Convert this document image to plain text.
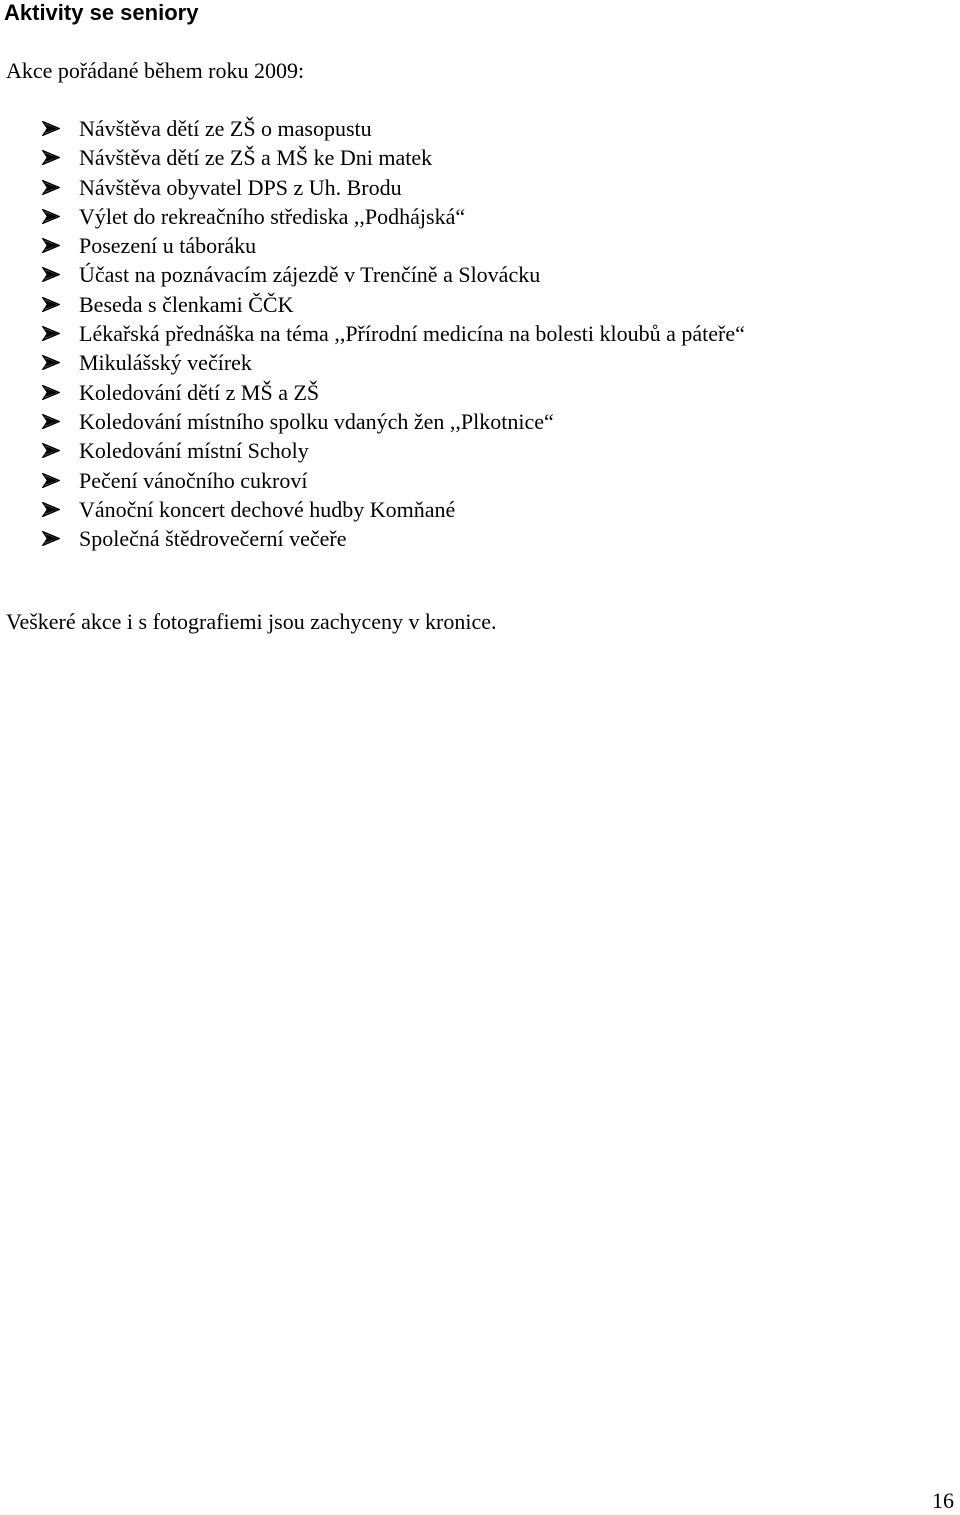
Aktivity se seniory
Akce pořádané během roku 2009:
Návštěva dětí ze ZŠ o masopustu
Návštěva dětí ze ZŠ a MŠ ke Dni matek
Návštěva obyvatel DPS z Uh. Brodu
Výlet do rekreačního střediska ,,Podhájská“
Posezení u táboráku
Účast na poznávacím zájezdě v Trenčíně a Slovácku
Beseda s členkami ČČK
Lékařská přednáška na téma ,,Přírodní medicína na bolesti kloubů a páteře“
Mikulášský večírek
Koledování dětí z MŠ a ZŠ
Koledování místního spolku vdaných žen ,,Plkotnice“
Koledování místní Scholy
Pečení vánočního cukroví
Vánoční koncert dechové hudby Komňané
Společná štědrovečerní večeře
Veškeré akce i s fotografiemi jsou zachyceny v kronice.
16
